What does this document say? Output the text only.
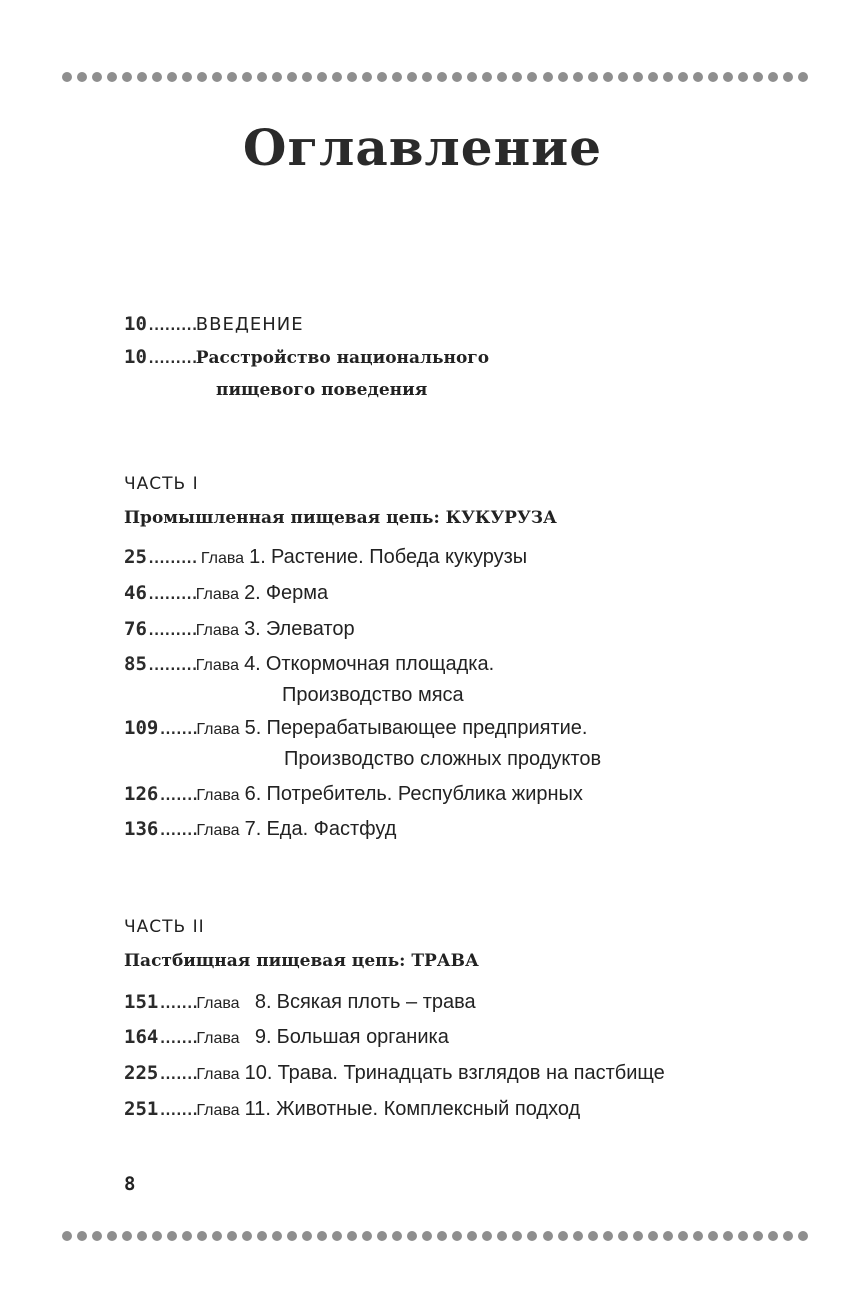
Оглавление
10.........ВВЕДЕНИЕ
10.........Расстройство национального
пищевого поведения
ЧАСТЬ I
Промышленная пищевая цепь: КУКУРУЗА
25......... Глава 1. Растение. Победа кукурузы
46.........Глава 2. Ферма
76.........Глава 3. Элеватор
85.........Глава 4. Откормочная площадка.
Производство мяса
109.......Глава 5. Перерабатывающее предприятие.
Производство сложных продуктов
126.......Глава 6. Потребитель. Республика жирных
136.......Глава 7. Еда. Фастфуд
ЧАСТЬ II
Пастбищная пищевая цепь: ТРАВА
151.......Глава 8. Всякая плоть – трава
164.......Глава 9. Большая органика
225.......Глава 10. Трава. Тринадцать взглядов на пастбище
251.......Глава 11. Животные. Комплексный подход
8
